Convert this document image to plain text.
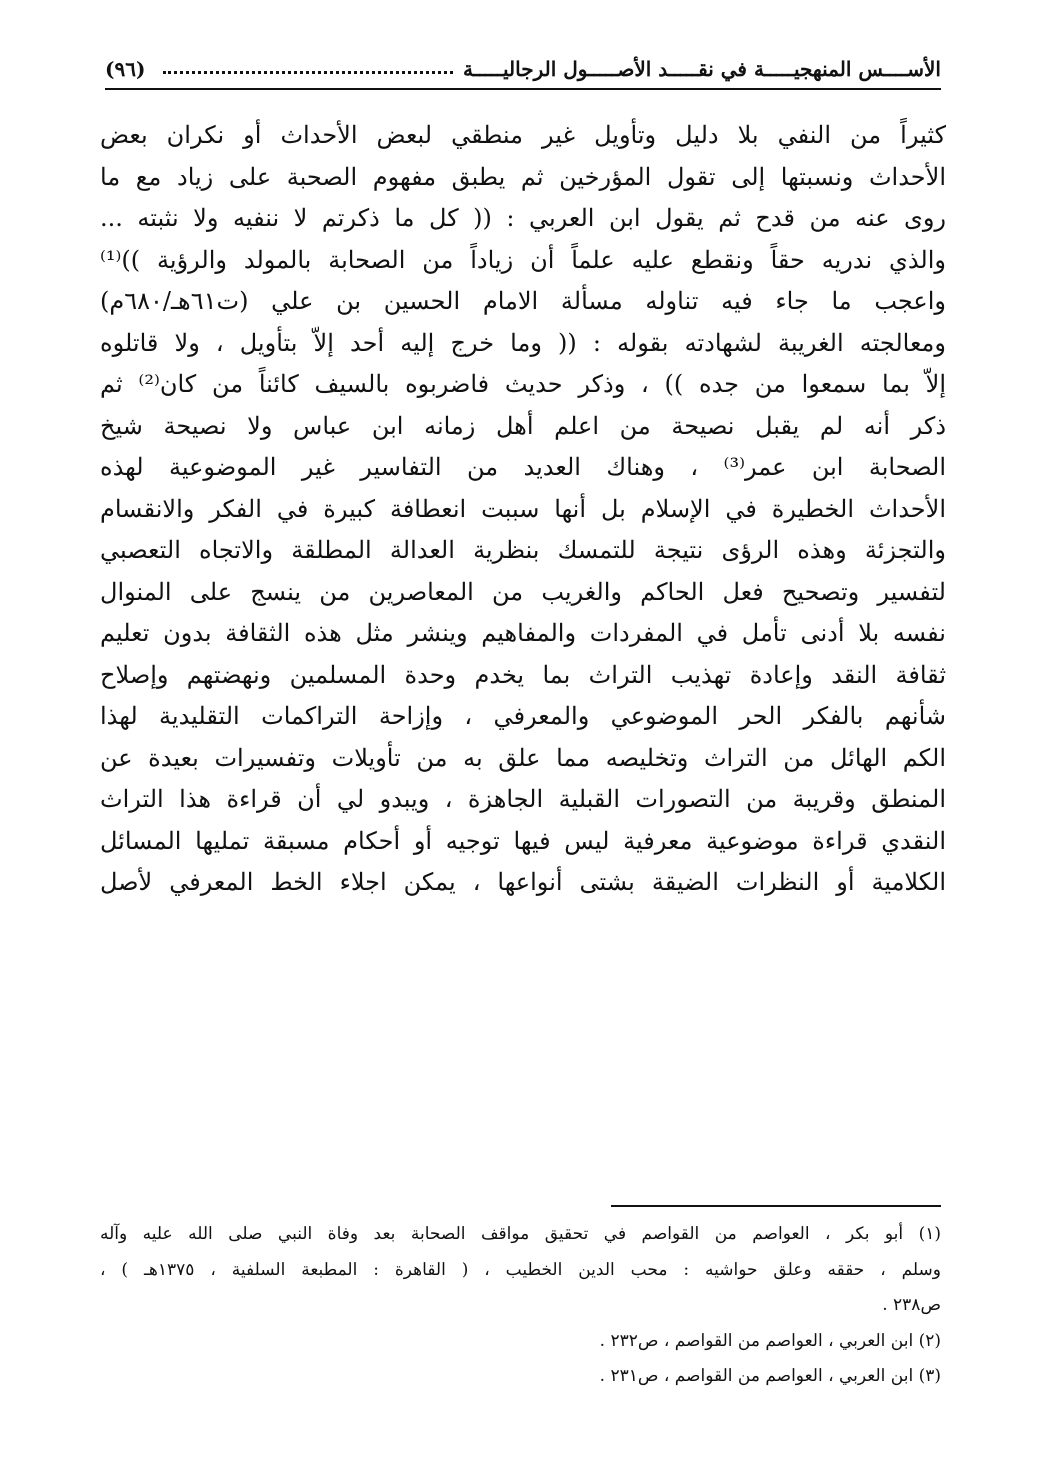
(٩٦)	الأســــس المنهجيـــــة في نقـــــد الأصـــــول الرجاليـــــة
كثيراً من النفي بلا دليل وتأويل غير منطقي لبعض الأحداث أو نكران بعض
الأحداث ونسبتها إلى تقول المؤرخين ثم يطبق مفهوم الصحبة على زياد مع ما
روى عنه من قدح ثم يقول ابن العربي : (( كل ما ذكرتم لا ننفيه ولا نثبته ...
والذي ندريه حقاً ونقطع عليه علماً أن زياداً من الصحابة بالمولد والرؤية ))⁽¹⁾
واعجب ما جاء فيه تناوله مسألة الامام الحسين بن علي (ت٦١هـ/٦٨٠م)
ومعالجته الغريبة لشهادته بقوله : (( وما خرج إليه أحد إلاّ بتأويل ، ولا قاتلوه
إلاّ بما سمعوا من جده )) ، وذكر حديث فاضربوه بالسيف كائناً من كان⁽²⁾ ثم
ذكر أنه لم يقبل نصيحة من اعلم أهل زمانه ابن عباس ولا نصيحة شيخ
الصحابة ابن عمر⁽³⁾ ، وهناك العديد من التفاسير غير الموضوعية لهذه
الأحداث الخطيرة في الإسلام بل أنها سببت انعطافة كبيرة في الفكر والانقسام
والتجزئة وهذه الرؤى نتيجة للتمسك بنظرية العدالة المطلقة والاتجاه التعصبي
لتفسير وتصحيح فعل الحاكم والغريب من المعاصرين من ينسج على المنوال
نفسه بلا أدنى تأمل في المفردات والمفاهيم وينشر مثل هذه الثقافة بدون تعليم
ثقافة النقد وإعادة تهذيب التراث بما يخدم وحدة المسلمين ونهضتهم وإصلاح
شأنهم بالفكر الحر الموضوعي والمعرفي ، وإزاحة التراكمات التقليدية لهذا
الكم الهائل من التراث وتخليصه مما علق به من تأويلات وتفسيرات بعيدة عن
المنطق وقريبة من التصورات القبلية الجاهزة ، ويبدو لي أن قراءة هذا التراث
النقدي قراءة موضوعية معرفية ليس فيها توجيه أو أحكام مسبقة تمليها المسائل
الكلامية أو النظرات الضيقة بشتى أنواعها ، يمكن اجلاء الخط المعرفي لأصل
(١) أبو بكر ، العواصم من القواصم في تحقيق مواقف الصحابة بعد وفاة النبي صلى الله عليه وآله
وسلم ، حققه وعلق حواشيه : محب الدين الخطيب ، ( القاهرة : المطبعة السلفية ، ١٣٧٥هـ ) ،
ص٢٣٨ .
(٢) ابن العربي ، العواصم من القواصم ، ص٢٣٢ .
(٣) ابن العربي ، العواصم من القواصم ، ص٢٣١ .
